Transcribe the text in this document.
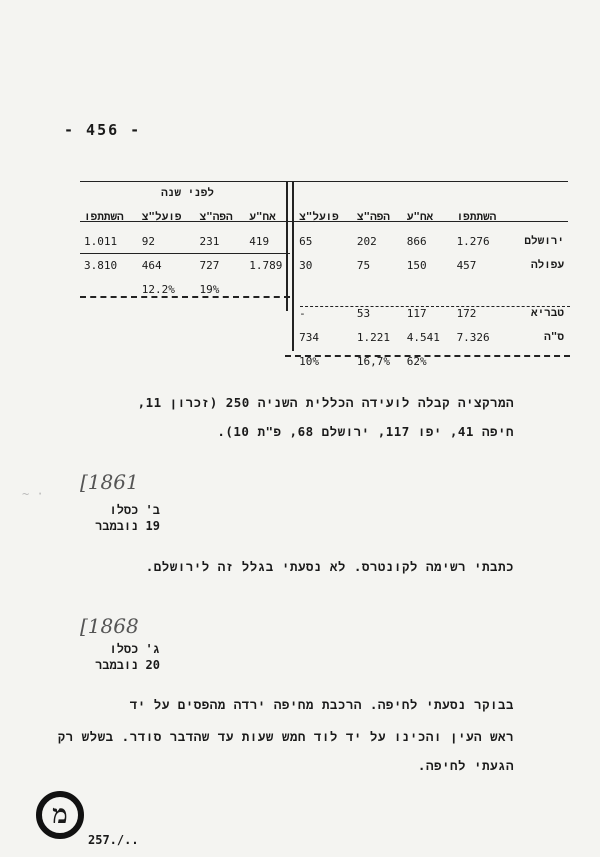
- 456 -
					לפני שנה			
	השתתפו	אח"ע	הפה"צ	פועל"צ	אח"ע	הפה"צ	פועל"צ	השתתפו
ירושלם	1.276	866	202	65	419	231	92	1.011
עפולה	457	150	75	30	1.789	727	464	3.810
						19%	12.2%	
טבריא	172	117	53	-				
ס"ה	7.326	4.541	1.221	734				
		62%	16,7%	10%				
המרקציה קבלה לועידה הכללית השניה 250 (זכרון 11,
חיפה 41, יפו 117, ירושלם 68, פ"ת 10).
[1861
~ ·
ב' כסלו
19 נובמבר
כתבתי רשימה לקונטרס. לא נסעתי בגלל זה לירושלם.
[1868
ג' כסלו
20 נובמבר
בבוקר נסעתי לחיפה. הרכבת מחיפה ירדה מהפסים על יד
ראש העין והכינו על יד לוד חמש שעות עד שהדבר סודר. בשלש רק
הגעתי לחיפה.
מ
257./..
